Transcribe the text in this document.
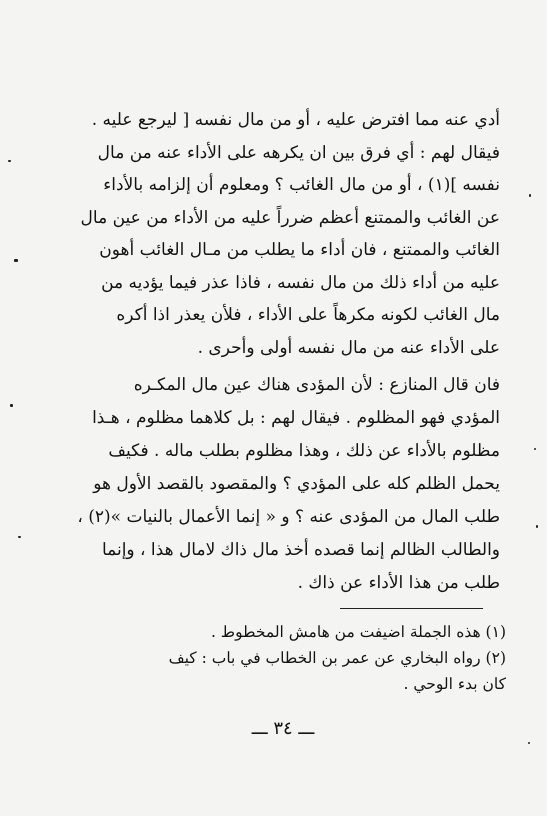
أدي عنه مما افترض عليه ، أو من مال نفسه [ ليرجع عليه .
فيقال لهم : أي فرق بين ان يكرهه على الأداء عنه من مال
نفسه ](١) ، أو من مال الغائب ؟ ومعلوم أن إلزامه بالأداء
عن الغائب والممتنع أعظم ضرراً عليه من الأداء من عين مال
الغائب والممتنع ، فان أداء ما يطلب من مـال الغائب أهون
عليه من أداء ذلك من مال نفسه ، فاذا عذر فيما يؤديه من
مال الغائب لكونه مكرهاً على الأداء ، فلأن يعذر اذا أكره
على الأداء عنه من مال نفسه أولى وأحرى .
فان قال المنازع : لأن المؤدى هناك عين مال المكـره
المؤدي فهو المظلوم . فيقال لهم : بل كلاهما مظلوم ، هـذا
مظلوم بالأداء عن ذلك ، وهذا مظلوم بطلب ماله . فكيف
يحمل الظلم كله على المؤدي ؟ والمقصود بالقصد الأول هو
طلب المال من المؤدى عنه ؟ و « إنما الأعمال بالنيات »(٢) ،
والطالب الظالم إنما قصده أخذ مال ذاك لامال هذا ، وإنما
طلب من هذا الأداء عن ذاك .
(١) هذه الجملة اضيفت من هامش المخطوط .
(٢) رواه البخاري عن عمر بن الخطاب في باب : كيف
كان بدء الوحي .
ـــ ٣٤ ـــ
